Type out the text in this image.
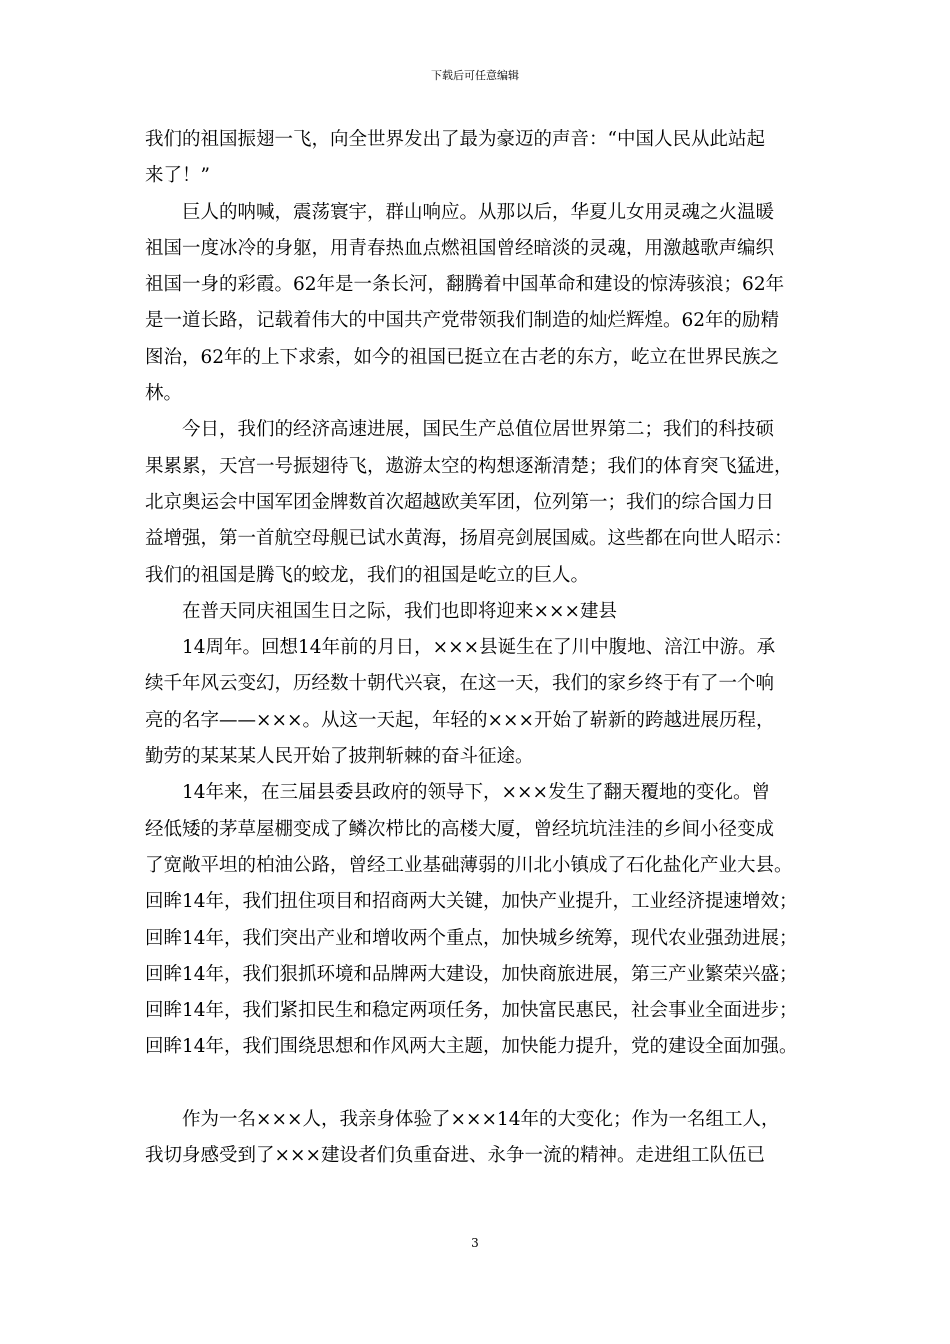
下载后可任意编辑
我们的祖国振翅一飞，向全世界发出了最为豪迈的声音：“中国人民从此站起
来了！”
巨人的呐喊，震荡寰宇，群山响应。从那以后，华夏儿女用灵魂之火温暖
祖国一度冰冷的身躯，用青春热血点燃祖国曾经暗淡的灵魂，用激越歌声编织
祖国一身的彩霞。62年是一条长河，翻腾着中国革命和建设的惊涛骇浪；62年
是一道长路，记载着伟大的中国共产党带领我们制造的灿烂辉煌。62年的励精
图治，62年的上下求索，如今的祖国已挺立在古老的东方，屹立在世界民族之
林。
今日，我们的经济高速进展，国民生产总值位居世界第二；我们的科技硕
果累累，天宫一号振翅待飞，遨游太空的构想逐渐清楚；我们的体育突飞猛进，
北京奥运会中国军团金牌数首次超越欧美军团，位列第一；我们的综合国力日
益增强，第一首航空母舰已试水黄海，扬眉亮剑展国威。这些都在向世人昭示：
我们的祖国是腾飞的蛟龙，我们的祖国是屹立的巨人。
在普天同庆祖国生日之际，我们也即将迎来×××建县
14周年。回想14年前的月日，×××县诞生在了川中腹地、涪江中游。承
续千年风云变幻，历经数十朝代兴衰，在这一天，我们的家乡终于有了一个响
亮的名字——×××。从这一天起，年轻的×××开始了崭新的跨越进展历程，
勤劳的某某某人民开始了披荆斩棘的奋斗征途。
14年来，在三届县委县政府的领导下，×××发生了翻天覆地的变化。曾
经低矮的茅草屋棚变成了鳞次栉比的高楼大厦，曾经坑坑洼洼的乡间小径变成
了宽敞平坦的柏油公路，曾经工业基础薄弱的川北小镇成了石化盐化产业大县。
回眸14年，我们扭住项目和招商两大关键，加快产业提升，工业经济提速增效；
回眸14年，我们突出产业和增收两个重点，加快城乡统筹，现代农业强劲进展；
回眸14年，我们狠抓环境和品牌两大建设，加快商旅进展，第三产业繁荣兴盛；
回眸14年，我们紧扣民生和稳定两项任务，加快富民惠民，社会事业全面进步；
回眸14年，我们围绕思想和作风两大主题，加快能力提升，党的建设全面加强。
作为一名×××人，我亲身体验了×××14年的大变化；作为一名组工人，
我切身感受到了×××建设者们负重奋进、永争一流的精神。走进组工队伍已
3
